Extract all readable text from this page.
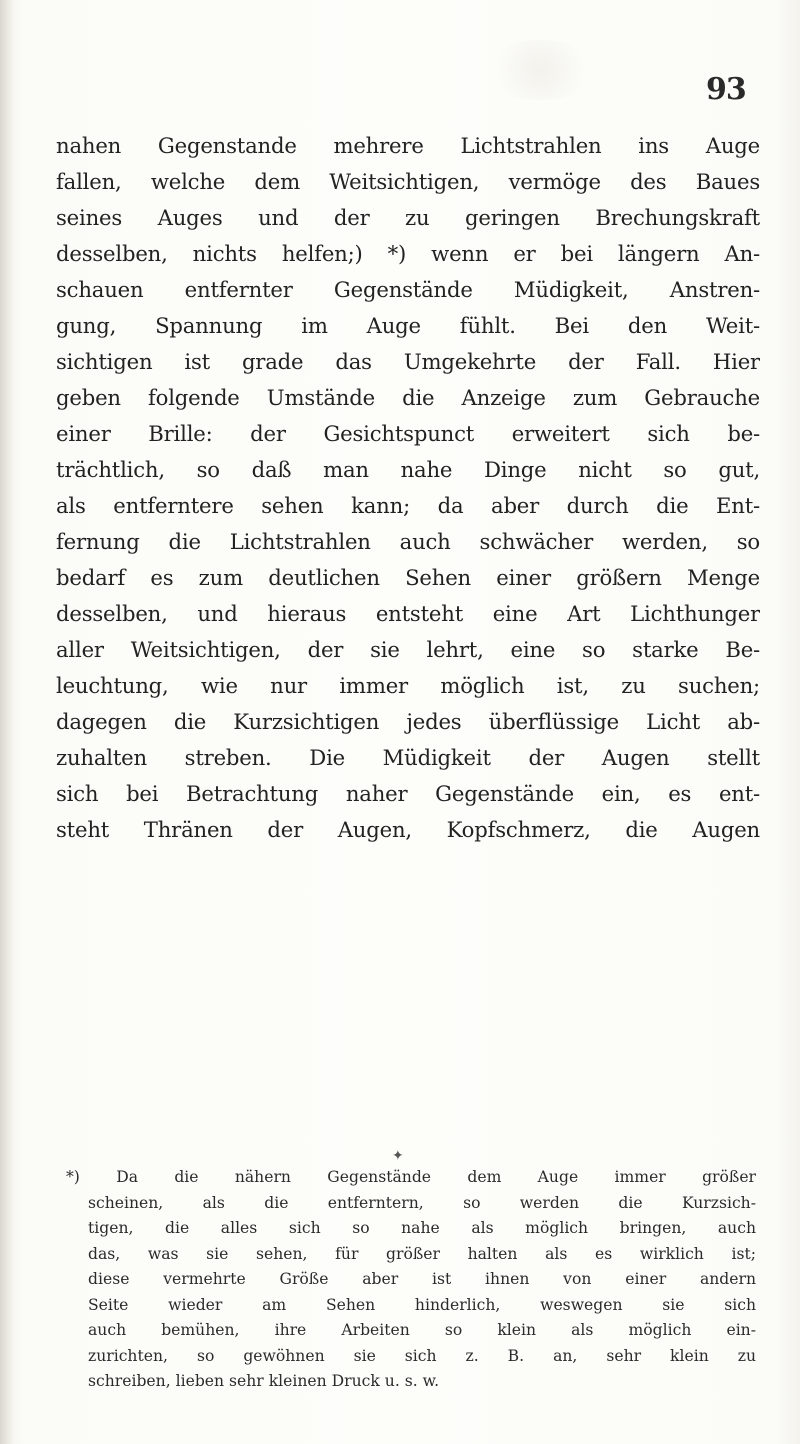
93
nahen Gegenstande mehrere Lichtstrahlen ins Auge
fallen, welche dem Weitsichtigen, vermöge des Baues
seines Auges und der zu geringen Brechungskraft
desselben, nichts helfen;) *) wenn er bei längern An-
schauen entfernter Gegenstände Müdigkeit, Anstren-
gung, Spannung im Auge fühlt. Bei den Weit-
sichtigen ist grade das Umgekehrte der Fall. Hier
geben folgende Umstände die Anzeige zum Gebrauche
einer Brille: der Gesichtspunct erweitert sich be-
trächtlich, so daß man nahe Dinge nicht so gut,
als entferntere sehen kann; da aber durch die Ent-
fernung die Lichtstrahlen auch schwächer werden, so
bedarf es zum deutlichen Sehen einer größern Menge
desselben, und hieraus entsteht eine Art Lichthunger
aller Weitsichtigen, der sie lehrt, eine so starke Be-
leuchtung, wie nur immer möglich ist, zu suchen;
dagegen die Kurzsichtigen jedes überflüssige Licht ab-
zuhalten streben. Die Müdigkeit der Augen stellt
sich bei Betrachtung naher Gegenstände ein, es ent-
steht Thränen der Augen, Kopfschmerz, die Augen
✦
*) Da die nähern Gegenstände dem Auge immer größer
scheinen, als die entferntern, so werden die Kurzsich-
tigen, die alles sich so nahe als möglich bringen, auch
das, was sie sehen, für größer halten als es wirklich ist;
diese vermehrte Größe aber ist ihnen von einer andern
Seite wieder am Sehen hinderlich, weswegen sie sich
auch bemühen, ihre Arbeiten so klein als möglich ein-
zurichten, so gewöhnen sie sich z. B. an, sehr klein zu
schreiben, lieben sehr kleinen Druck u. s. w.
